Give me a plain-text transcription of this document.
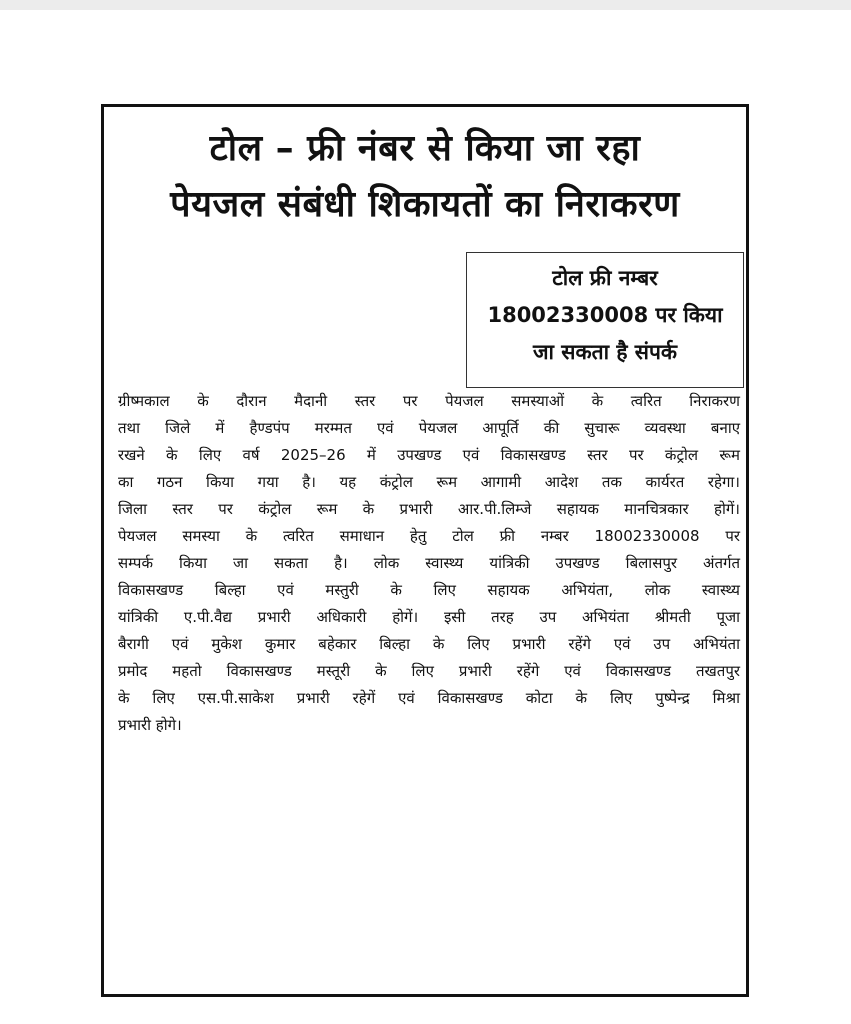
टोल – फ्री नंबर से किया जा रहा
पेयजल संबंधी शिकायतों का निराकरण
टोल फ्री नम्बर
18002330008 पर किया
जा सकता है संपर्क
ग्रीष्मकाल के दौरान मैदानी स्तर पर पेयजल समस्याओं के त्वरित निराकरण
तथा जिले में हैण्डपंप मरम्मत एवं पेयजल आपूर्ति की सुचारू व्यवस्था बनाए
रखने के लिए वर्ष 2025–26 में उपखण्ड एवं विकासखण्ड स्तर पर कंट्रोल रूम
का गठन किया गया है। यह कंट्रोल रूम आगामी आदेश तक कार्यरत रहेगा।
जिला स्तर पर कंट्रोल रूम के प्रभारी आर.पी.लिम्जे सहायक मानचित्रकार होगें।
पेयजल समस्या के त्वरित समाधान हेतु टोल फ्री नम्बर 18002330008 पर
सम्पर्क किया जा सकता है। लोक स्वास्थ्य यांत्रिकी उपखण्ड बिलासपुर अंतर्गत
विकासखण्ड बिल्हा एवं मस्तुरी के लिए सहायक अभियंता, लोक स्वास्थ्य
यांत्रिकी ए.पी.वैद्य प्रभारी अधिकारी होगें। इसी तरह उप अभियंता श्रीमती पूजा
बैरागी एवं मुकेश कुमार बहेकार बिल्हा के लिए प्रभारी रहेंगे एवं उप अभियंता
प्रमोद महतो विकासखण्ड मस्तूरी के लिए प्रभारी रहेंगे एवं विकासखण्ड तखतपुर
के लिए एस.पी.साकेश प्रभारी रहेगें एवं विकासखण्ड कोटा के लिए पुष्पेन्द्र मिश्रा
प्रभारी होगे।
